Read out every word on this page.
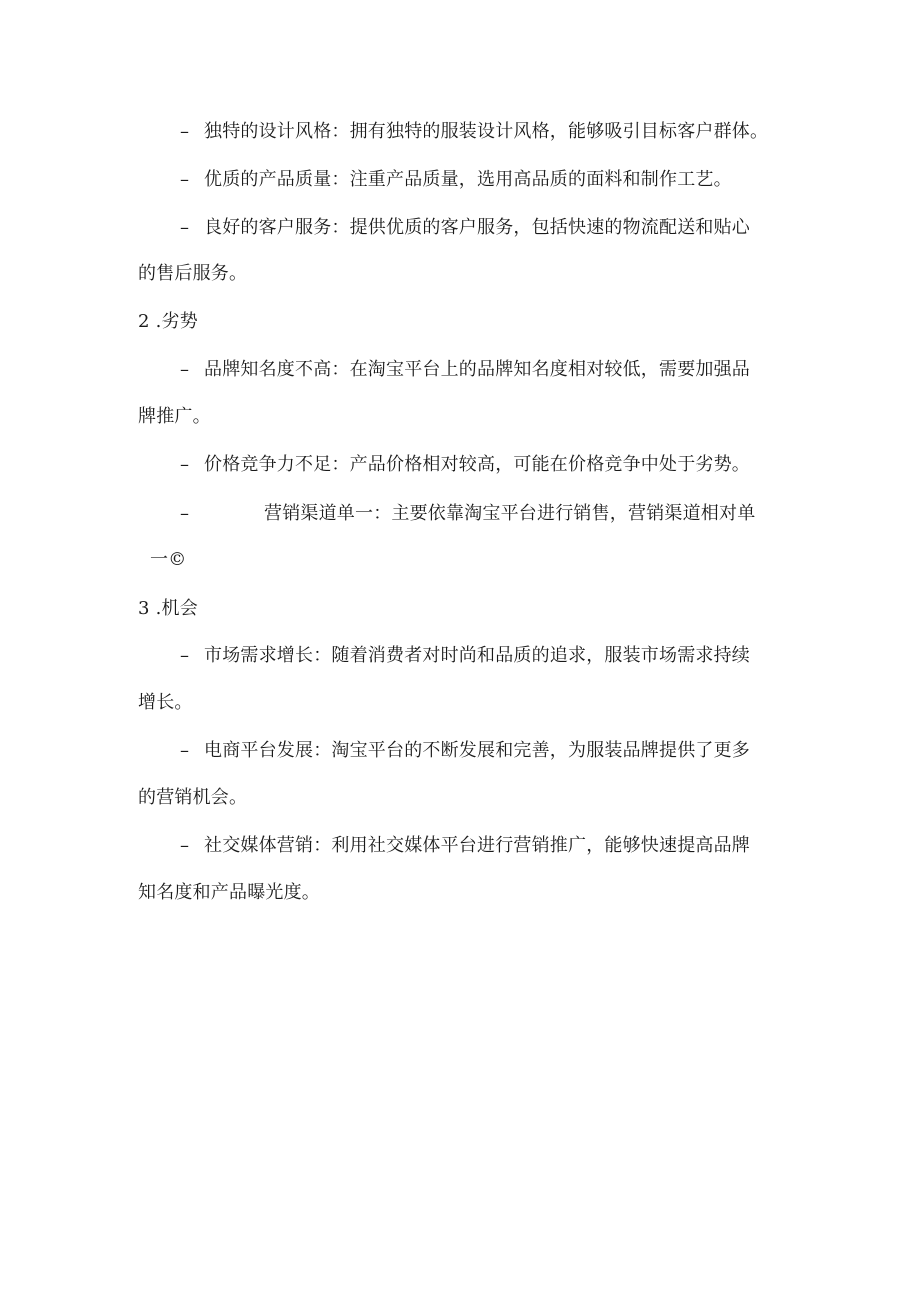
– 独特的设计风格：拥有独特的服装设计风格，能够吸引目标客户群体。
– 优质的产品质量：注重产品质量，选用高品质的面料和制作工艺。
– 良好的客户服务：提供优质的客户服务，包括快速的物流配送和贴心
的售后服务。
2 .劣势
– 品牌知名度不高：在淘宝平台上的品牌知名度相对较低，需要加强品
牌推广。
– 价格竞争力不足：产品价格相对较高，可能在价格竞争中处于劣势。
–	营销渠道单一：主要依靠淘宝平台进行销售，营销渠道相对单
一©
3 .机会
– 市场需求增长：随着消费者对时尚和品质的追求，服装市场需求持续
增长。
– 电商平台发展：淘宝平台的不断发展和完善，为服装品牌提供了更多
的营销机会。
– 社交媒体营销：利用社交媒体平台进行营销推广，能够快速提高品牌
知名度和产品曝光度。
